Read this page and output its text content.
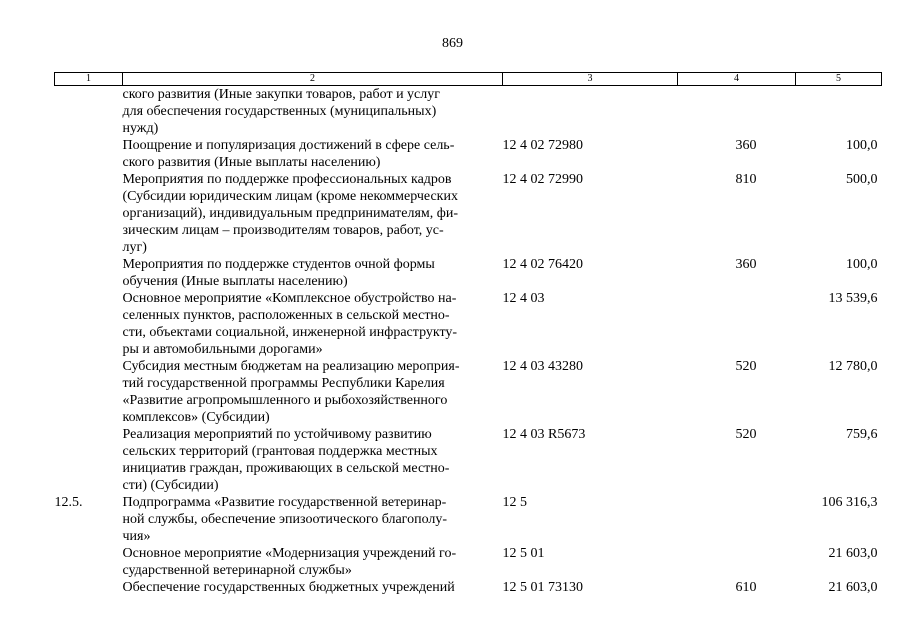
869
1	2	3	4	5

	ского развития (Иные закупки товаров, работ и услуг
для обеспечения государственных (муниципальных)
нужд)			

	Поощрение и популяризация достижений в сфере сель-
ского развития (Иные выплаты населению)	12 4 02 72980	360	100,0

	Мероприятия по поддержке профессиональных кадров
(Субсидии юридическим лицам (кроме некоммерческих
организаций), индивидуальным предпринимателям, фи-
зическим лицам – производителям товаров, работ, ус-
луг)	12 4 02 72990	810	500,0

	Мероприятия по поддержке студентов очной формы
обучения (Иные выплаты населению)	12 4 02 76420	360	100,0

	Основное мероприятие «Комплексное обустройство на-
селенных пунктов, расположенных в сельской местно-
сти, объектами социальной, инженерной инфраструкту-
ры и автомобильными дорогами»	12 4 03		13 539,6

	Субсидия местным бюджетам на реализацию мероприя-
тий государственной программы Республики Карелия
«Развитие агропромышленного и рыбохозяйственного
комплексов» (Субсидии)	12 4 03 43280	520	12 780,0

	Реализация мероприятий по устойчивому развитию
сельских территорий (грантовая поддержка местных
инициатив граждан, проживающих в сельской местно-
сти) (Субсидии)	12 4 03 R5673	520	759,6
12.5.	Подпрограмма «Развитие государственной ветеринар-
ной службы, обеспечение эпизоотического благополу-
чия»	12 5		106 316,3

	Основное мероприятие «Модернизация учреждений го-
сударственной ветеринарной службы»	12 5 01		21 603,0

	Обеспечение государственных бюджетных учреждений	12 5 01 73130	610	21 603,0
